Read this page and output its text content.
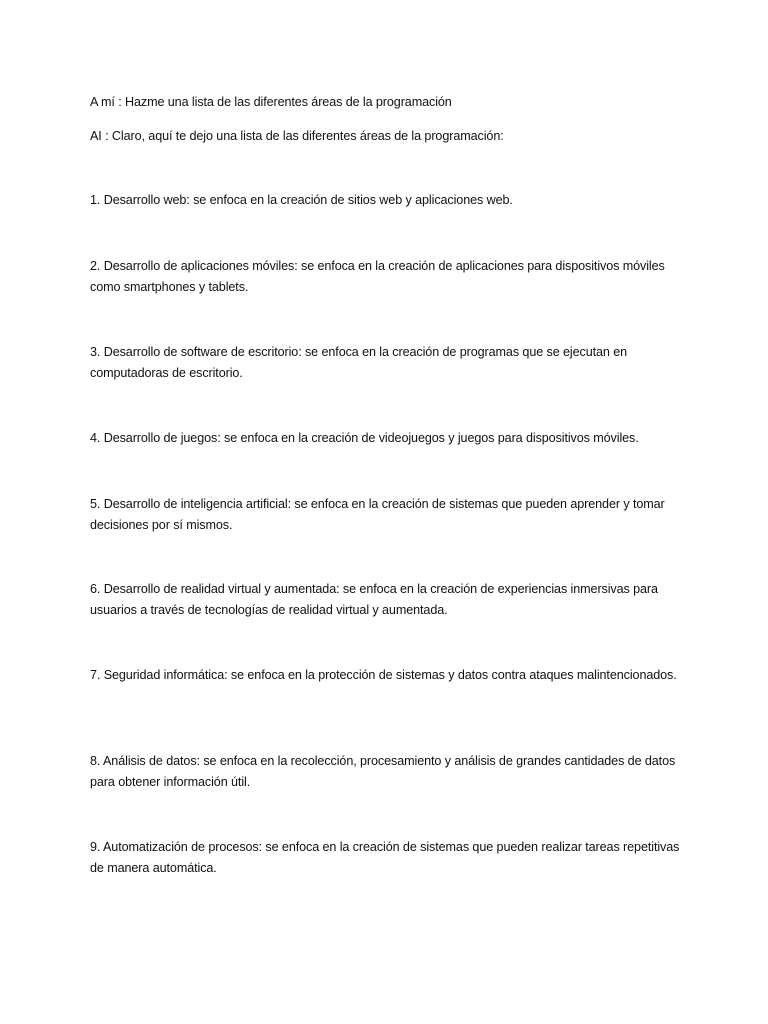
A mí : Hazme una lista de las diferentes áreas de la programación
AI : Claro, aquí te dejo una lista de las diferentes áreas de la programación:
1. Desarrollo web: se enfoca en la creación de sitios web y aplicaciones web.
2. Desarrollo de aplicaciones móviles: se enfoca en la creación de aplicaciones para dispositivos móviles como smartphones y tablets.
3. Desarrollo de software de escritorio: se enfoca en la creación de programas que se ejecutan en computadoras de escritorio.
4. Desarrollo de juegos: se enfoca en la creación de videojuegos y juegos para dispositivos móviles.
5. Desarrollo de inteligencia artificial: se enfoca en la creación de sistemas que pueden aprender y tomar decisiones por sí mismos.
6. Desarrollo de realidad virtual y aumentada: se enfoca en la creación de experiencias inmersivas para usuarios a través de tecnologías de realidad virtual y aumentada.
7. Seguridad informática: se enfoca en la protección de sistemas y datos contra ataques malintencionados.
8. Análisis de datos: se enfoca en la recolección, procesamiento y análisis de grandes cantidades de datos para obtener información útil.
9. Automatización de procesos: se enfoca en la creación de sistemas que pueden realizar tareas repetitivas de manera automática.
